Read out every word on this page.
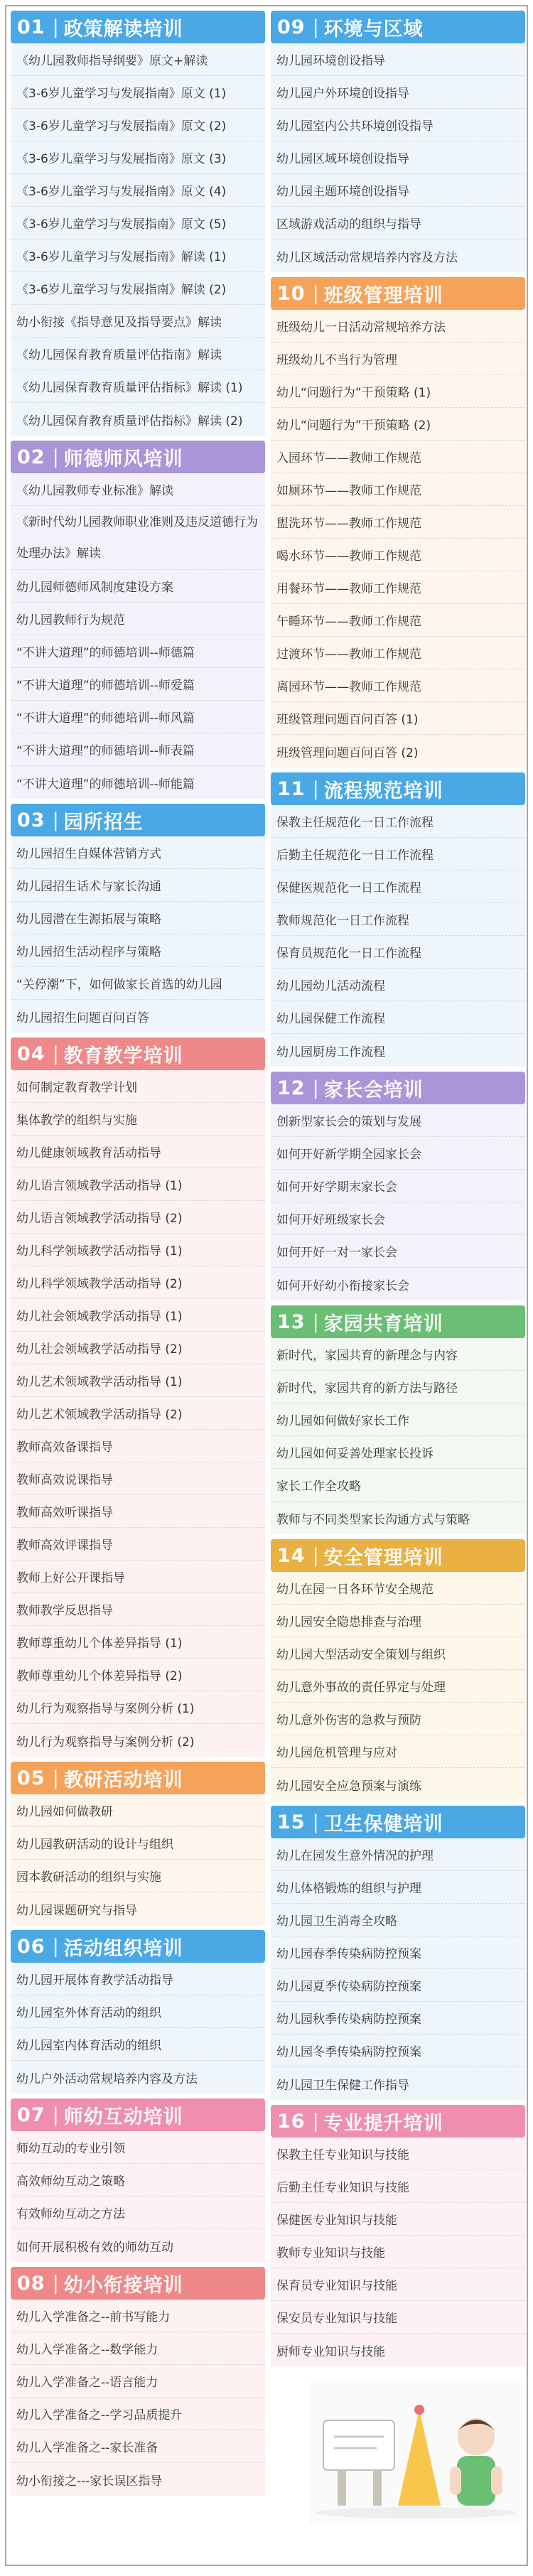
01 | 政策解读培训
《幼儿园教师指导纲要》原文+解读
《3-6岁儿童学习与发展指南》原文 (1)
《3-6岁儿童学习与发展指南》原文 (2)
《3-6岁儿童学习与发展指南》原文 (3)
《3-6岁儿童学习与发展指南》原文 (4)
《3-6岁儿童学习与发展指南》原文 (5)
《3-6岁儿童学习与发展指南》解读 (1)
《3-6岁儿童学习与发展指南》解读 (2)
幼小衔接《指导意见及指导要点》解读
《幼儿园保育教育质量评估指南》解读
《幼儿园保育教育质量评估指标》解读 (1)
《幼儿园保育教育质量评估指标》解读 (2)
02 | 师德师风培训
《幼儿园教师专业标准》解读
《新时代幼儿园教师职业准则及违反道德行为处理办法》解读
幼儿园师德师风制度建设方案
幼儿园教师行为规范
“不讲大道理”的师德培训--师德篇
“不讲大道理”的师德培训--师爱篇
“不讲大道理”的师德培训--师风篇
“不讲大道理”的师德培训--师表篇
“不讲大道理”的师德培训--师能篇
03 | 园所招生
幼儿园招生自媒体营销方式
幼儿园招生话术与家长沟通
幼儿园潜在生源拓展与策略
幼儿园招生活动程序与策略
“关停潮”下，如何做家长首选的幼儿园
幼儿园招生问题百问百答
04 | 教育教学培训
如何制定教育教学计划
集体教学的组织与实施
幼儿健康领域教育活动指导
幼儿语言领域教学活动指导 (1)
幼儿语言领域教学活动指导 (2)
幼儿科学领域教学活动指导 (1)
幼儿科学领域教学活动指导 (2)
幼儿社会领域教学活动指导 (1)
幼儿社会领域教学活动指导 (2)
幼儿艺术领域教学活动指导 (1)
幼儿艺术领域教学活动指导 (2)
教师高效备课指导
教师高效说课指导
教师高效听课指导
教师高效评课指导
教师上好公开课指导
教师教学反思指导
教师尊重幼儿个体差异指导 (1)
教师尊重幼儿个体差异指导 (2)
幼儿行为观察指导与案例分析 (1)
幼儿行为观察指导与案例分析 (2)
05 | 教研活动培训
幼儿园如何做教研
幼儿园教研活动的设计与组织
园本教研活动的组织与实施
幼儿园课题研究与指导
06 | 活动组织培训
幼儿园开展体育教学活动指导
幼儿园室外体育活动的组织
幼儿园室内体育活动的组织
幼儿户外活动常规培养内容及方法
07 | 师幼互动培训
师幼互动的专业引领
高效师幼互动之策略
有效师幼互动之方法
如何开展积极有效的师幼互动
08 | 幼小衔接培训
幼儿入学准备之--前书写能力
幼儿入学准备之--数学能力
幼儿入学准备之--语言能力
幼儿入学准备之--学习品质提升
幼儿入学准备之--家长准备
幼小衔接之---家长误区指导
09 | 环境与区域
幼儿园环境创设指导
幼儿园户外环境创设指导
幼儿园室内公共环境创设指导
幼儿园区域环境创设指导
幼儿园主题环境创设指导
区域游戏活动的组织与指导
幼儿区域活动常规培养内容及方法
10 | 班级管理培训
班级幼儿一日活动常规培养方法
班级幼儿不当行为管理
幼儿“问题行为”干预策略 (1)
幼儿“问题行为”干预策略 (2)
入园环节——教师工作规范
如厕环节——教师工作规范
盥洗环节——教师工作规范
喝水环节——教师工作规范
用餐环节——教师工作规范
午睡环节——教师工作规范
过渡环节——教师工作规范
离园环节——教师工作规范
班级管理问题百问百答 (1)
班级管理问题百问百答 (2)
11 | 流程规范培训
保教主任规范化一日工作流程
后勤主任规范化一日工作流程
保健医规范化一日工作流程
教师规范化一日工作流程
保育员规范化一日工作流程
幼儿园幼儿活动流程
幼儿园保健工作流程
幼儿园厨房工作流程
12 | 家长会培训
创新型家长会的策划与发展
如何开好新学期全园家长会
如何开好学期末家长会
如何开好班级家长会
如何开好一对一家长会
如何开好幼小衔接家长会
13 | 家园共育培训
新时代，家园共育的新理念与内容
新时代，家园共育的新方法与路径
幼儿园如何做好家长工作
幼儿园如何妥善处理家长投诉
家长工作全攻略
教师与不同类型家长沟通方式与策略
14 | 安全管理培训
幼儿在园一日各环节安全规范
幼儿园安全隐患排查与治理
幼儿园大型活动安全策划与组织
幼儿意外事故的责任界定与处理
幼儿意外伤害的急救与预防
幼儿园危机管理与应对
幼儿园安全应急预案与演练
15 | 卫生保健培训
幼儿在园发生意外情况的护理
幼儿体格锻炼的组织与护理
幼儿园卫生消毒全攻略
幼儿园春季传染病防控预案
幼儿园夏季传染病防控预案
幼儿园秋季传染病防控预案
幼儿园冬季传染病防控预案
幼儿园卫生保健工作指导
16 | 专业提升培训
保教主任专业知识与技能
后勤主任专业知识与技能
保健医专业知识与技能
教师专业知识与技能
保育员专业知识与技能
保安员专业知识与技能
厨师专业知识与技能
